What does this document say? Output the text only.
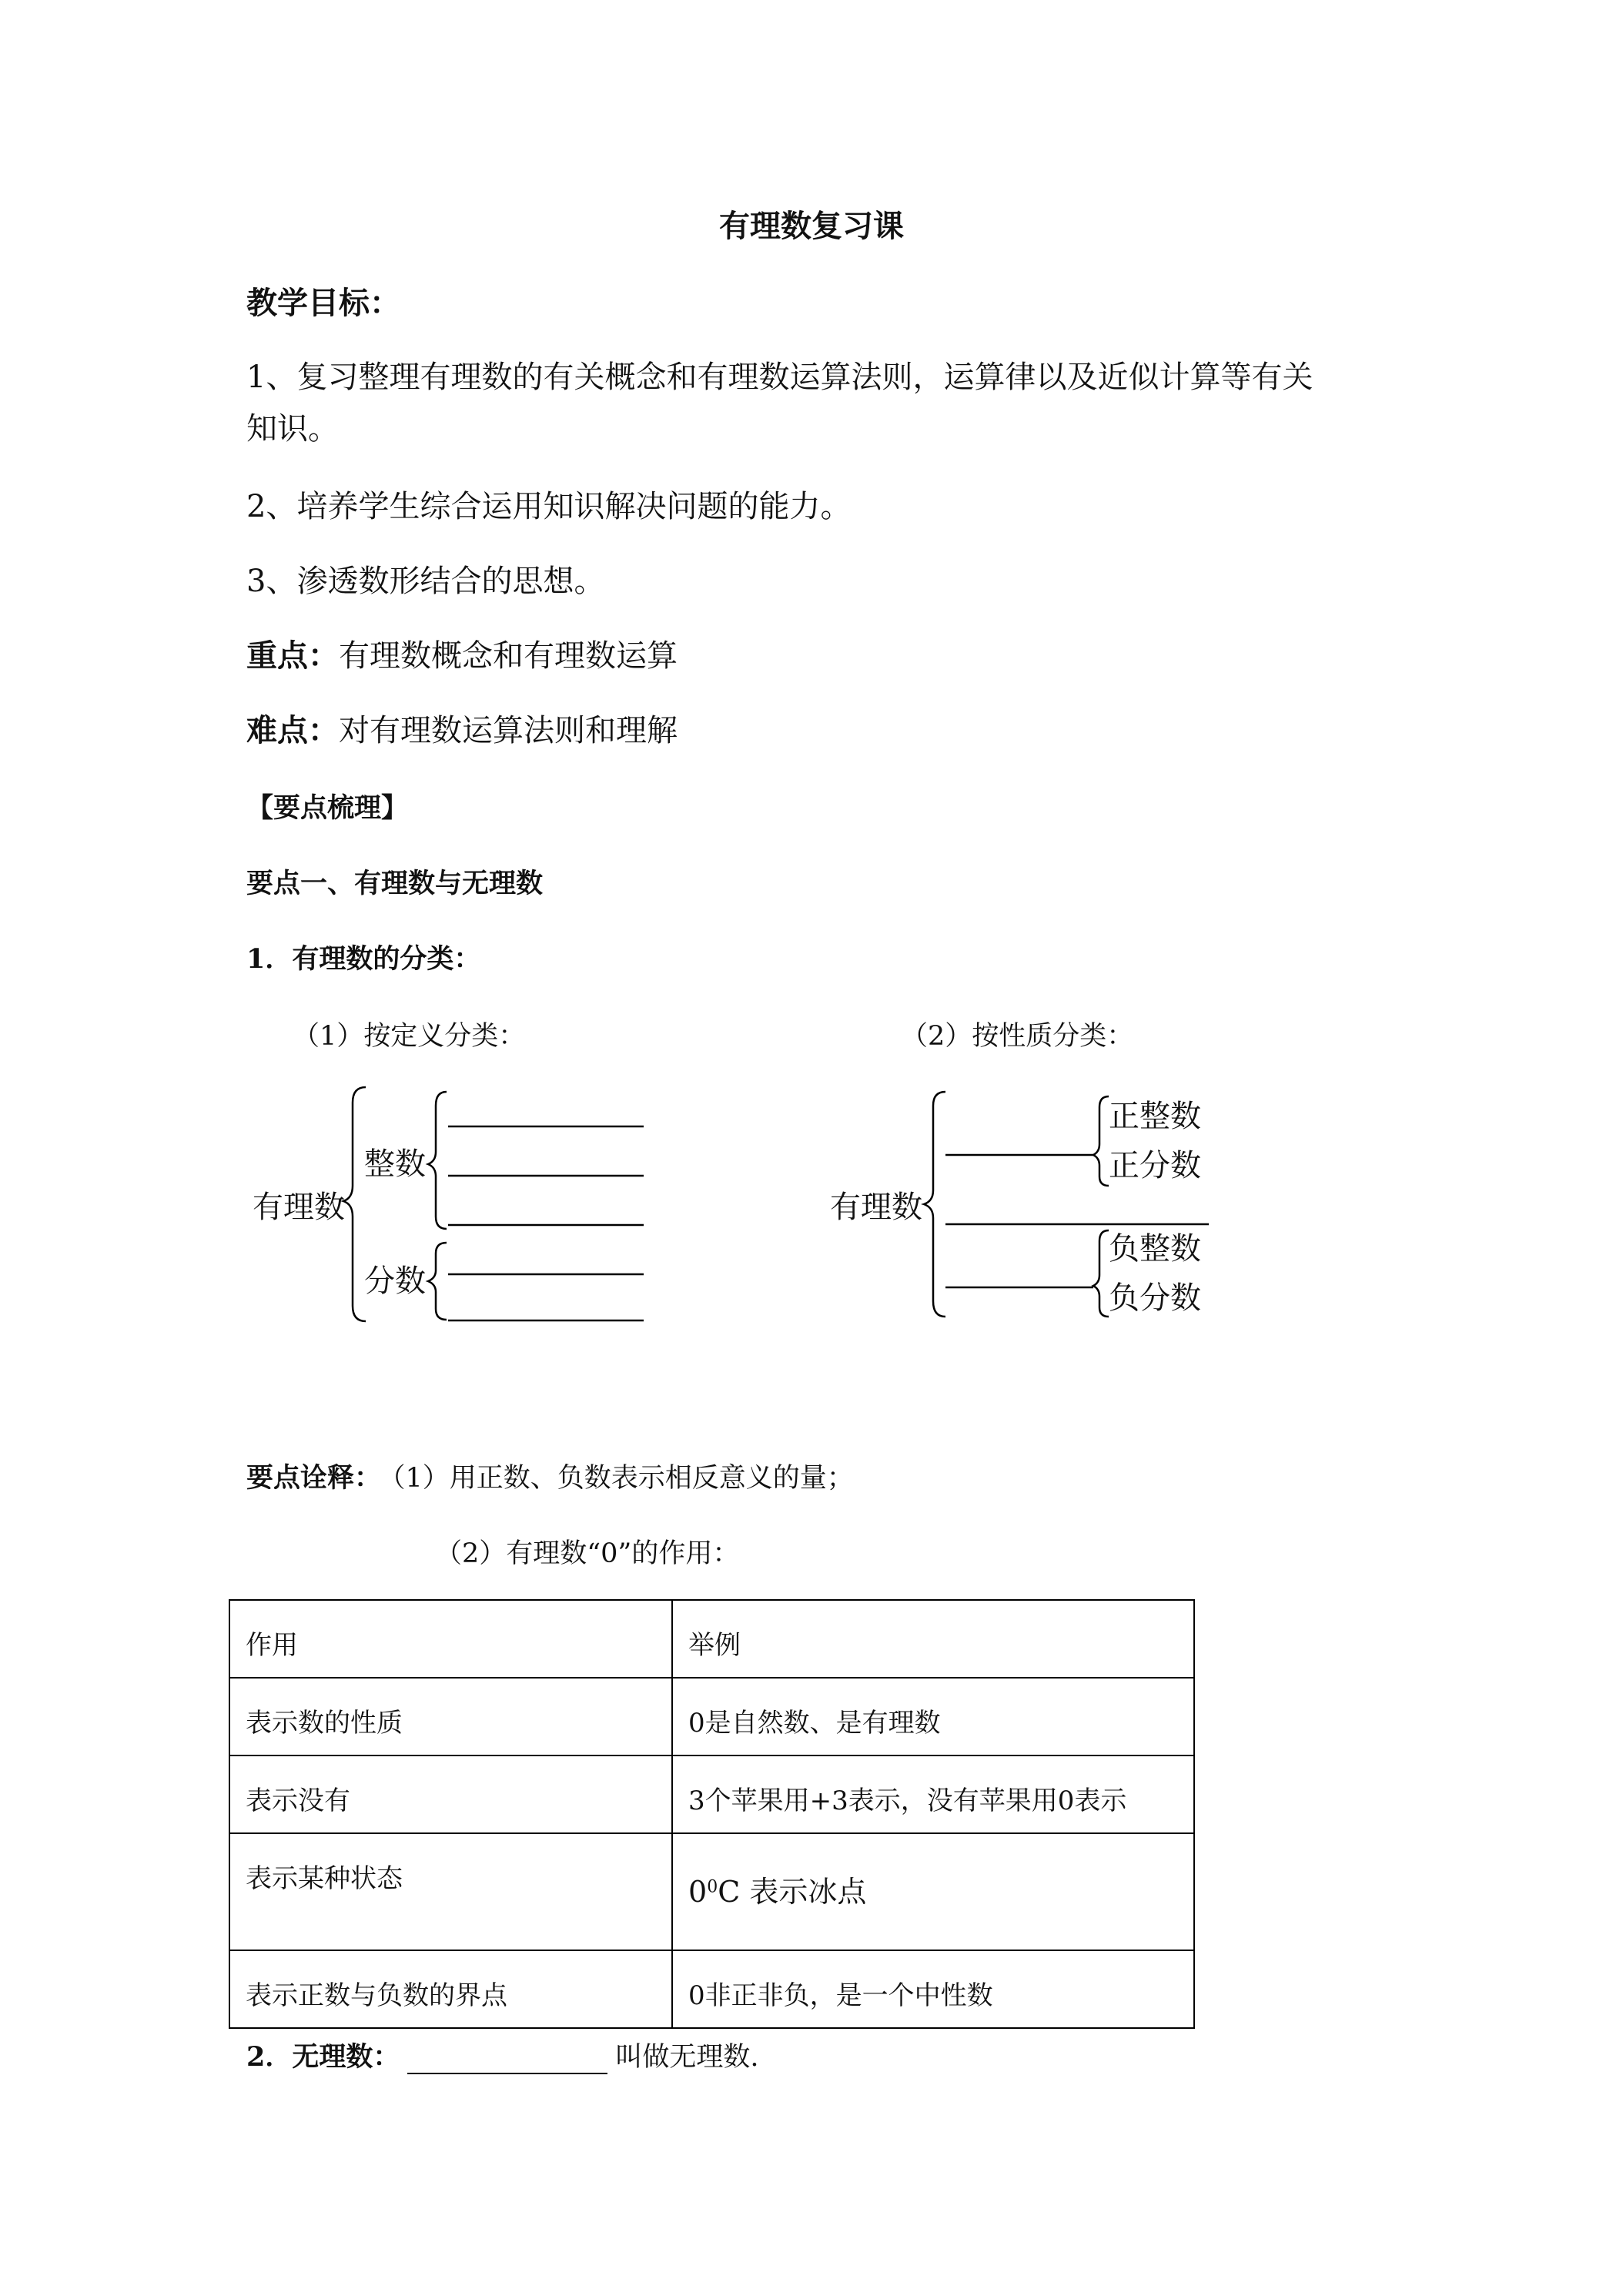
有理数复习课
教学目标：
1、复习整理有理数的有关概念和有理数运算法则，运算律以及近似计算等有关
知识。
2、培养学生综合运用知识解决问题的能力。
3、渗透数形结合的思想。
重点：有理数概念和有理数运算
难点：对有理数运算法则和理解
【要点梳理】
要点一、有理数与无理数
1．有理数的分类：
（1）按定义分类：	（2）按性质分类：
有理数
整数
分数
有理数
正整数
正分数
负整数
负分数
要点诠释： （1）用正数、负数表示相反意义的量；
（2）有理数“0”的作用：
作用	举例
表示数的性质	0是自然数、是有理数
表示没有	3个苹果用+3表示，没有苹果用0表示
表示某种状态	$0^0C$ 表示冰点

表示正数与负数的界点	0非正非负，是一个中性数
2．无理数：	叫做无理数.
